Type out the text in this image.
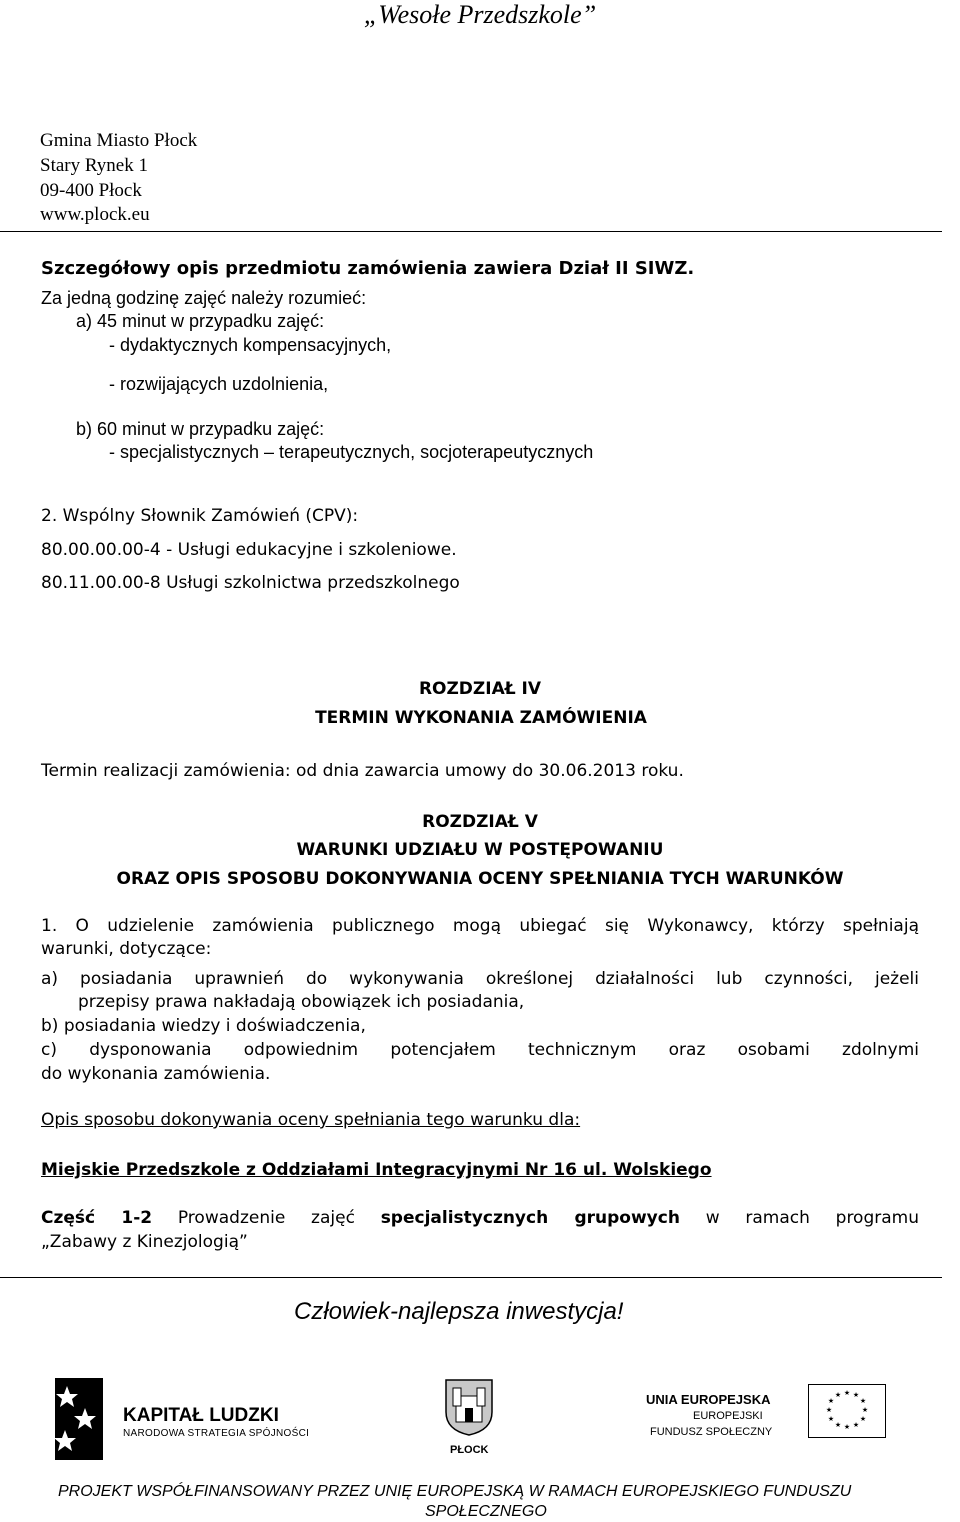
„Wesołe Przedszkole”
Gmina Miasto Płock
Stary Rynek 1
09-400 Płock
www.plock.eu
Szczegółowy opis przedmiotu zamówienia zawiera Dział II SIWZ.
Za jedną godzinę zajęć należy rozumieć:
a) 45 minut w przypadku zajęć:
- dydaktycznych kompensacyjnych,
- rozwijających uzdolnienia,
b) 60 minut w przypadku zajęć:
- specjalistycznych – terapeutycznych, socjoterapeutycznych
2. Wspólny Słownik Zamówień (CPV):
80.00.00.00-4 - Usługi edukacyjne i szkoleniowe.
80.11.00.00-8 Usługi szkolnictwa przedszkolnego
ROZDZIAŁ IV
TERMIN WYKONANIA ZAMÓWIENIA
Termin realizacji zamówienia: od dnia zawarcia umowy do 30.06.2013 roku.
ROZDZIAŁ V
WARUNKI UDZIAŁU W POSTĘPOWANIU
ORAZ OPIS SPOSOBU DOKONYWANIA OCENY SPEŁNIANIA TYCH WARUNKÓW
1. O udzielenie zamówienia publicznego mogą ubiegać się Wykonawcy, którzy spełniają
warunki, dotyczące:
a) posiadania uprawnień do wykonywania określonej działalności lub czynności, jeżeli
przepisy prawa nakładają obowiązek ich posiadania,
b) posiadania wiedzy i doświadczenia,
c) dysponowania odpowiednim potencjałem technicznym oraz osobami zdolnymi
do wykonania zamówienia.
Opis sposobu dokonywania oceny spełniania tego warunku dla:
Miejskie Przedszkole z Oddziałami Integracyjnymi Nr 16 ul. Wolskiego
Część 1-2 Prowadzenie zajęć specjalistycznych grupowych w ramach programu
„Zabawy z Kinezjologią”
Człowiek-najlepsza inwestycja!
KAPITAŁ LUDZKI
NARODOWA STRATEGIA SPÓJNOŚCI
PŁOCK
UNIA EUROPEJSKA
EUROPEJSKI
FUNDUSZ SPOŁECZNY
★ ★
★
★
★
★
★
★
★
★
★
★
PROJEKT WSPÓŁFINANSOWANY PRZEZ UNIĘ EUROPEJSKĄ W RAMACH EUROPEJSKIEGO FUNDUSZU
SPOŁECZNEGO
